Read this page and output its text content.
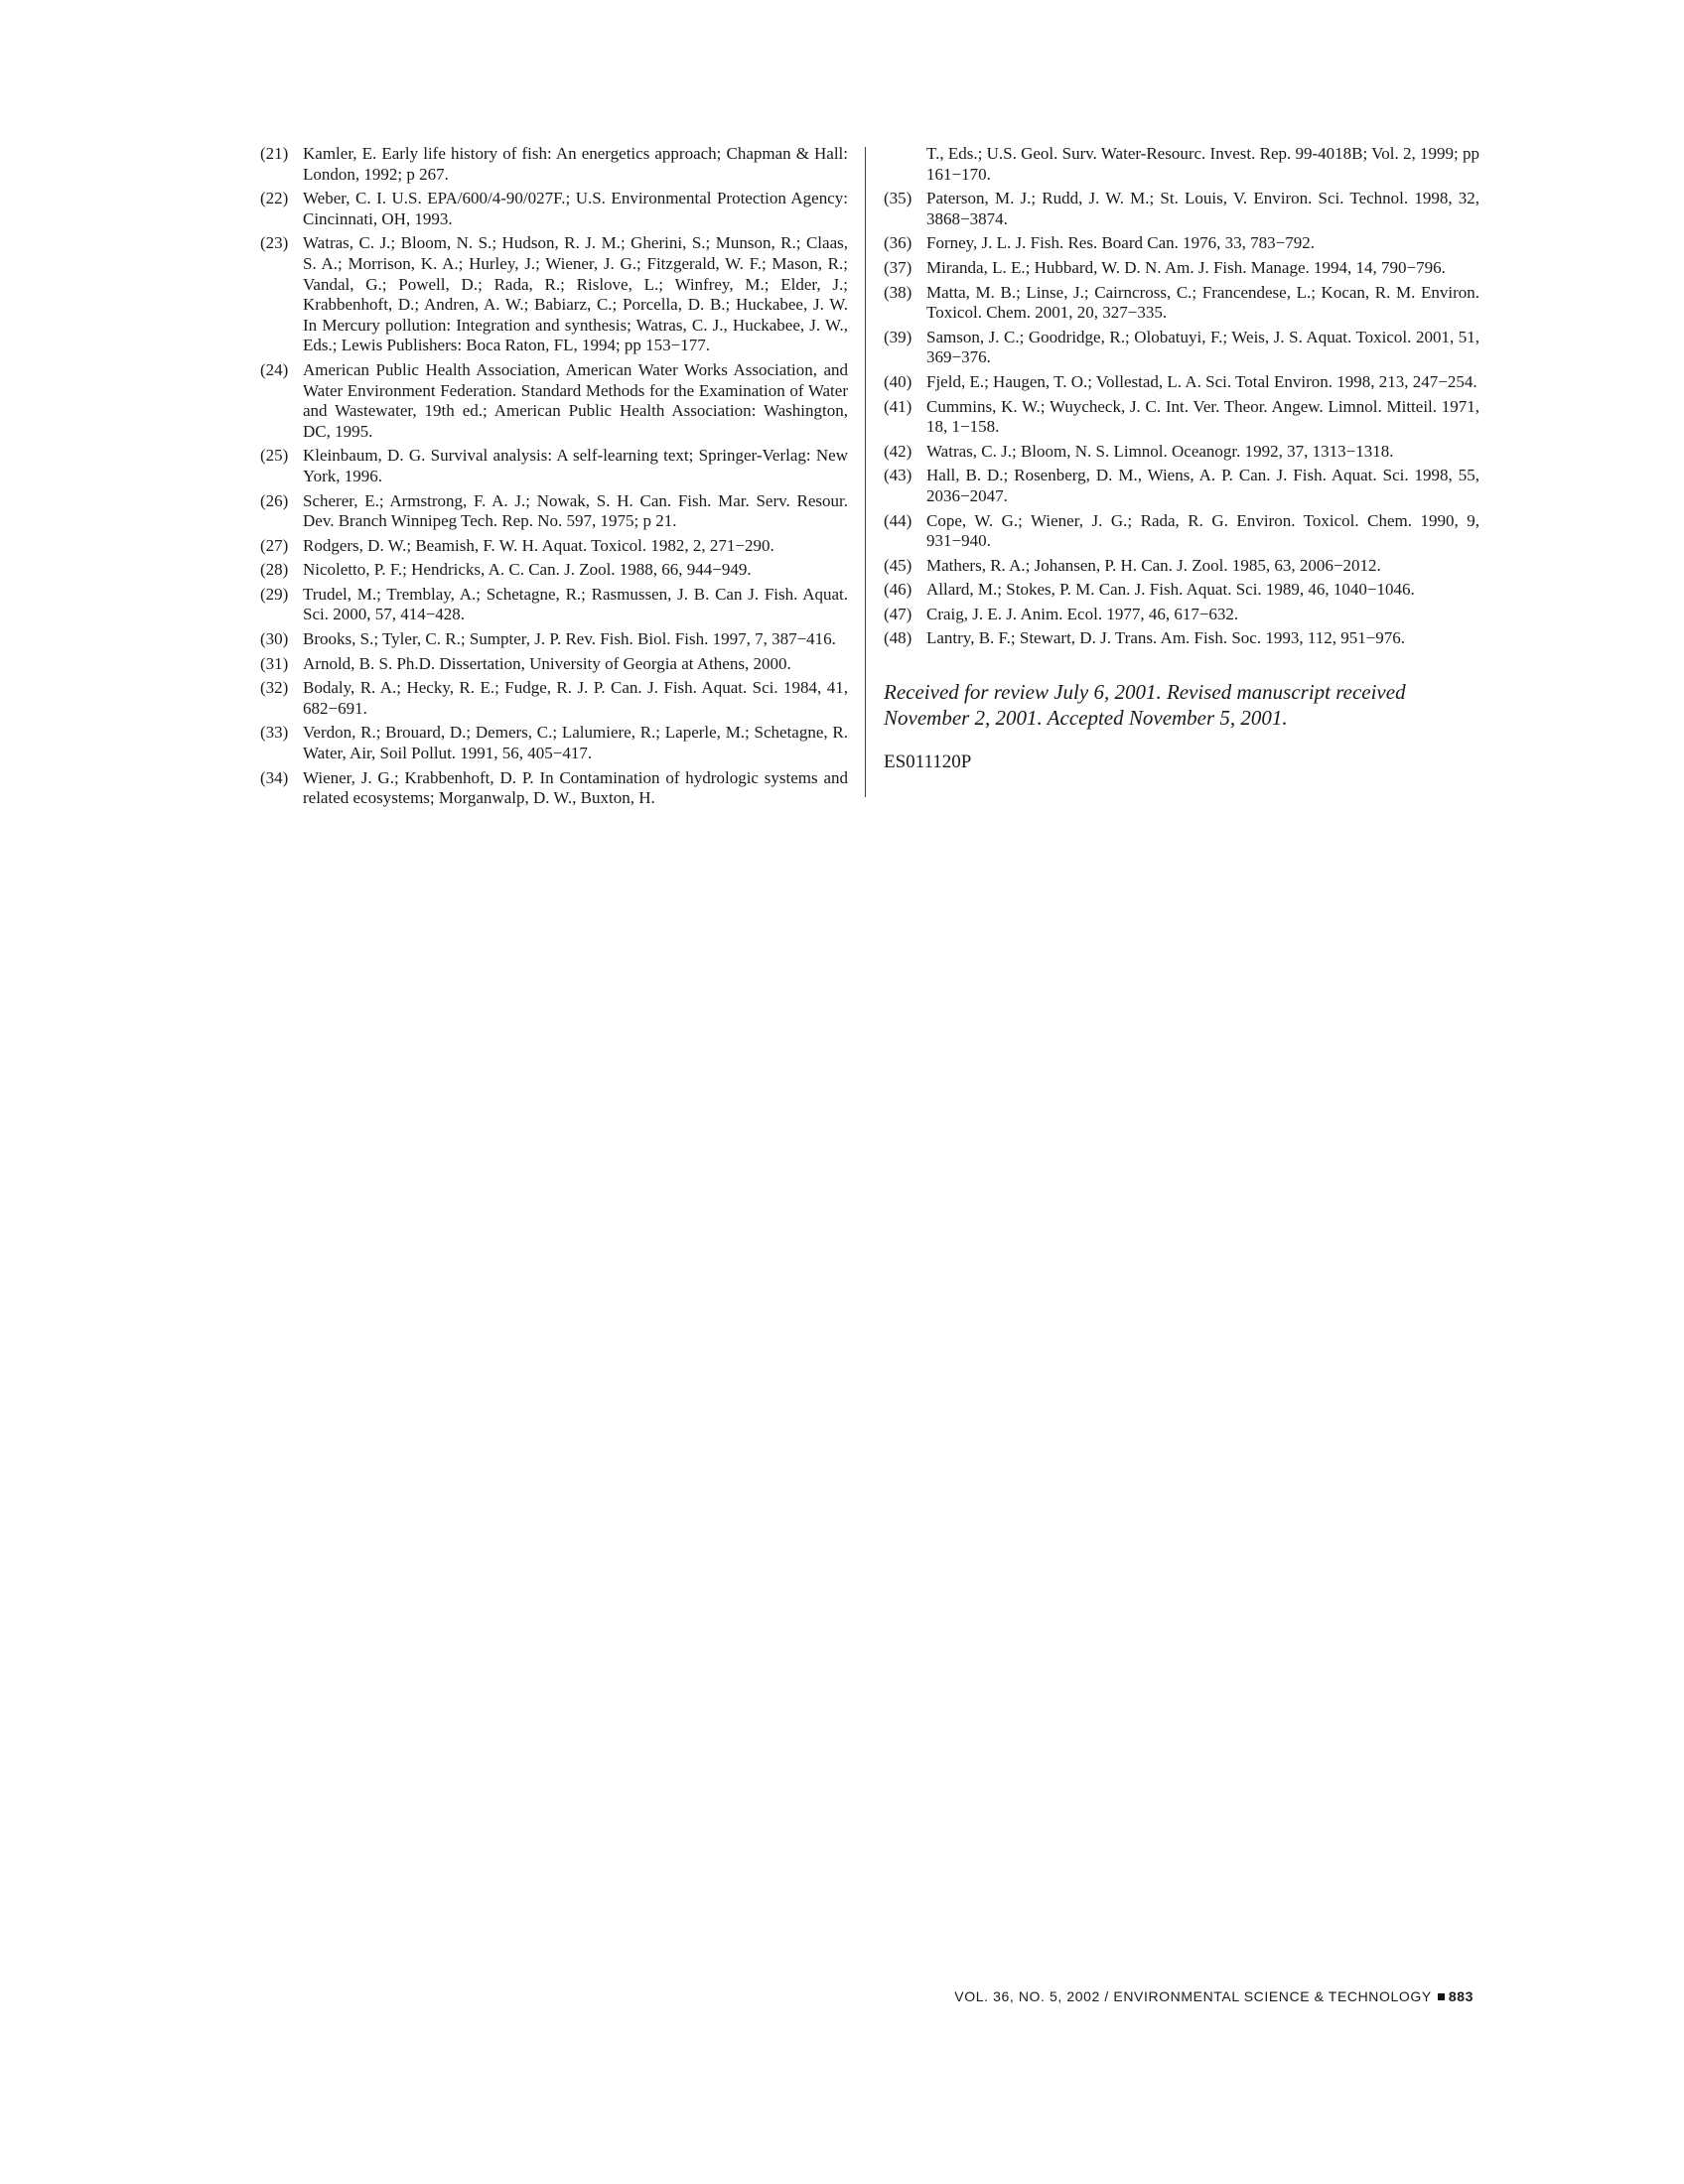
(21) Kamler, E. Early life history of fish: An energetics approach; Chapman & Hall: London, 1992; p 267.

(22) Weber, C. I. U.S. EPA/600/4-90/027F.; U.S. Environmental Protection Agency: Cincinnati, OH, 1993.

(23) Watras, C. J.; Bloom, N. S.; Hudson, R. J. M.; Gherini, S.; Munson, R.; Claas, S. A.; Morrison, K. A.; Hurley, J.; Wiener, J. G.; Fitzgerald, W. F.; Mason, R.; Vandal, G.; Powell, D.; Rada, R.; Rislove, L.; Winfrey, M.; Elder, J.; Krabbenhoft, D.; Andren, A. W.; Babiarz, C.; Porcella, D. B.; Huckabee, J. W. In Mercury pollution: Integration and synthesis; Watras, C. J., Huckabee, J. W., Eds.; Lewis Publishers: Boca Raton, FL, 1994; pp 153−177.

(24) American Public Health Association, American Water Works Association, and Water Environment Federation. Standard Methods for the Examination of Water and Wastewater, 19th ed.; American Public Health Association: Washington, DC, 1995.

(25) Kleinbaum, D. G. Survival analysis: A self-learning text; Springer-Verlag: New York, 1996.

(26) Scherer, E.; Armstrong, F. A. J.; Nowak, S. H. Can. Fish. Mar. Serv. Resour. Dev. Branch Winnipeg Tech. Rep. No. 597, 1975; p 21.

(27) Rodgers, D. W.; Beamish, F. W. H. Aquat. Toxicol. 1982, 2, 271−290.

(28) Nicoletto, P. F.; Hendricks, A. C. Can. J. Zool. 1988, 66, 944−949.

(29) Trudel, M.; Tremblay, A.; Schetagne, R.; Rasmussen, J. B. Can J. Fish. Aquat. Sci. 2000, 57, 414−428.

(30) Brooks, S.; Tyler, C. R.; Sumpter, J. P. Rev. Fish. Biol. Fish. 1997, 7, 387−416.

(31) Arnold, B. S. Ph.D. Dissertation, University of Georgia at Athens, 2000.

(32) Bodaly, R. A.; Hecky, R. E.; Fudge, R. J. P. Can. J. Fish. Aquat. Sci. 1984, 41, 682−691.

(33) Verdon, R.; Brouard, D.; Demers, C.; Lalumiere, R.; Laperle, M.; Schetagne, R. Water, Air, Soil Pollut. 1991, 56, 405−417.

(34) Wiener, J. G.; Krabbenhoft, D. P. In Contamination of hydrologic systems and related ecosystems; Morganwalp, D. W., Buxton, H.

T., Eds.; U.S. Geol. Surv. Water-Resourc. Invest. Rep. 99-4018B; Vol. 2, 1999; pp 161−170.

(35) Paterson, M. J.; Rudd, J. W. M.; St. Louis, V. Environ. Sci. Technol. 1998, 32, 3868−3874.

(36) Forney, J. L. J. Fish. Res. Board Can. 1976, 33, 783−792.

(37) Miranda, L. E.; Hubbard, W. D. N. Am. J. Fish. Manage. 1994, 14, 790−796.

(38) Matta, M. B.; Linse, J.; Cairncross, C.; Francendese, L.; Kocan, R. M. Environ. Toxicol. Chem. 2001, 20, 327−335.

(39) Samson, J. C.; Goodridge, R.; Olobatuyi, F.; Weis, J. S. Aquat. Toxicol. 2001, 51, 369−376.

(40) Fjeld, E.; Haugen, T. O.; Vollestad, L. A. Sci. Total Environ. 1998, 213, 247−254.

(41) Cummins, K. W.; Wuycheck, J. C. Int. Ver. Theor. Angew. Limnol. Mitteil. 1971, 18, 1−158.

(42) Watras, C. J.; Bloom, N. S. Limnol. Oceanogr. 1992, 37, 1313−1318.

(43) Hall, B. D.; Rosenberg, D. M., Wiens, A. P. Can. J. Fish. Aquat. Sci. 1998, 55, 2036−2047.

(44) Cope, W. G.; Wiener, J. G.; Rada, R. G. Environ. Toxicol. Chem. 1990, 9, 931−940.

(45) Mathers, R. A.; Johansen, P. H. Can. J. Zool. 1985, 63, 2006−2012.

(46) Allard, M.; Stokes, P. M. Can. J. Fish. Aquat. Sci. 1989, 46, 1040−1046.

(47) Craig, J. E. J. Anim. Ecol. 1977, 46, 617−632.

(48) Lantry, B. F.; Stewart, D. J. Trans. Am. Fish. Soc. 1993, 112, 951−976.

Received for review July 6, 2001. Revised manuscript received November 2, 2001. Accepted November 5, 2001.

ES011120P
VOL. 36, NO. 5, 2002 / ENVIRONMENTAL SCIENCE & TECHNOLOGY 883
